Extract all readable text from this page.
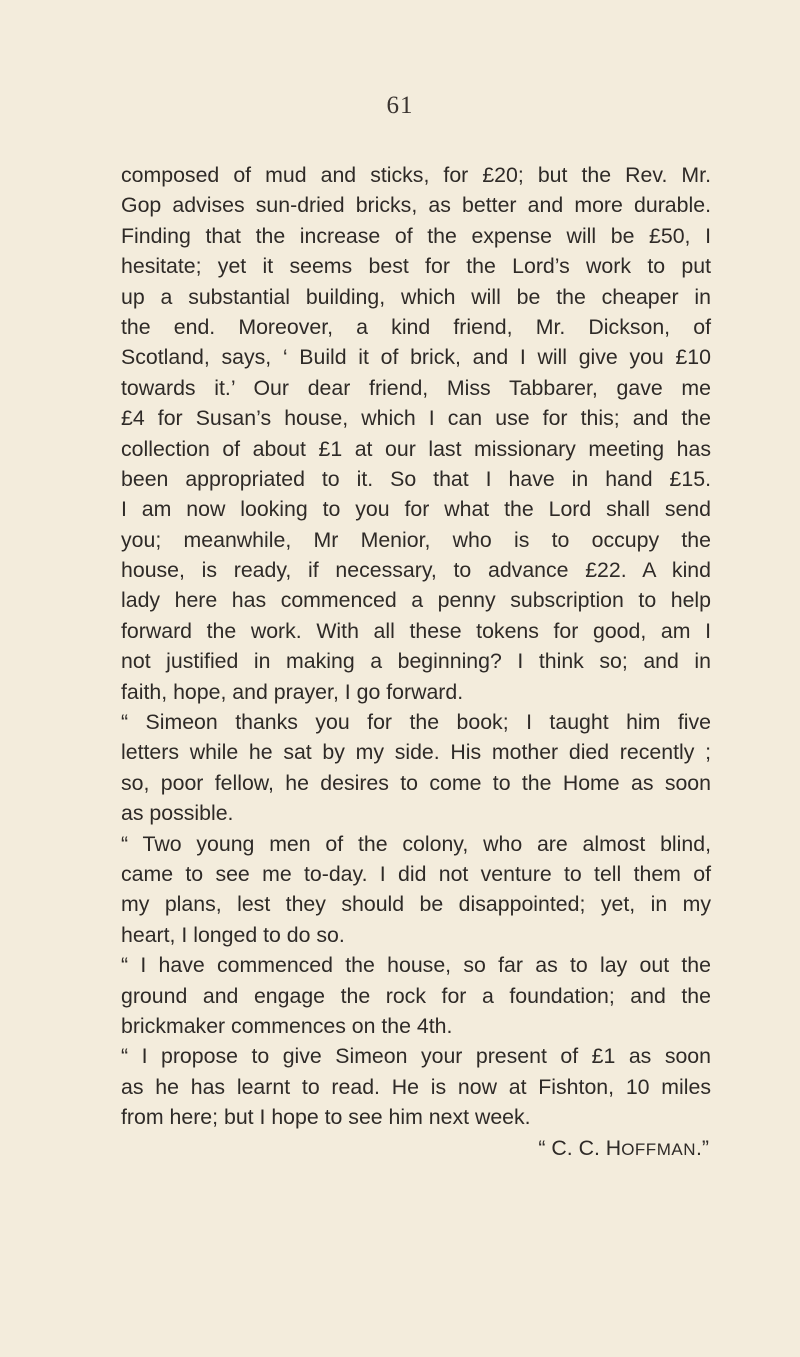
61
composed of mud and sticks, for £20; but the Rev. Mr.
Gop advises sun-dried bricks, as better and more durable.
Finding that the increase of the expense will be £50, I
hesitate; yet it seems best for the Lord’s work to put
up a substantial building, which will be the cheaper in
the end. Moreover, a kind friend, Mr. Dickson, of
Scotland, says, ‘ Build it of brick, and I will give you £10
towards it.’ Our dear friend, Miss Tabbarer, gave me
£4 for Susan’s house, which I can use for this; and the
collection of about £1 at our last missionary meeting has
been appropriated to it. So that I have in hand £15.
I am now looking to you for what the Lord shall send
you; meanwhile, Mr Menior, who is to occupy the
house, is ready, if necessary, to advance £22. A kind
lady here has commenced a penny subscription to help
forward the work. With all these tokens for good, am I
not justified in making a beginning? I think so; and in
faith, hope, and prayer, I go forward.
“ Simeon thanks you for the book; I taught him five
letters while he sat by my side. His mother died recently ;
so, poor fellow, he desires to come to the Home as soon
as possible.
“ Two young men of the colony, who are almost blind,
came to see me to-day. I did not venture to tell them of
my plans, lest they should be disappointed; yet, in my
heart, I longed to do so.
“ I have commenced the house, so far as to lay out the
ground and engage the rock for a foundation; and the
brickmaker commences on the 4th.
“ I propose to give Simeon your present of £1 as soon
as he has learnt to read. He is now at Fishton, 10 miles
from here; but I hope to see him next week.
“ C. C. HOFFMAN.”
